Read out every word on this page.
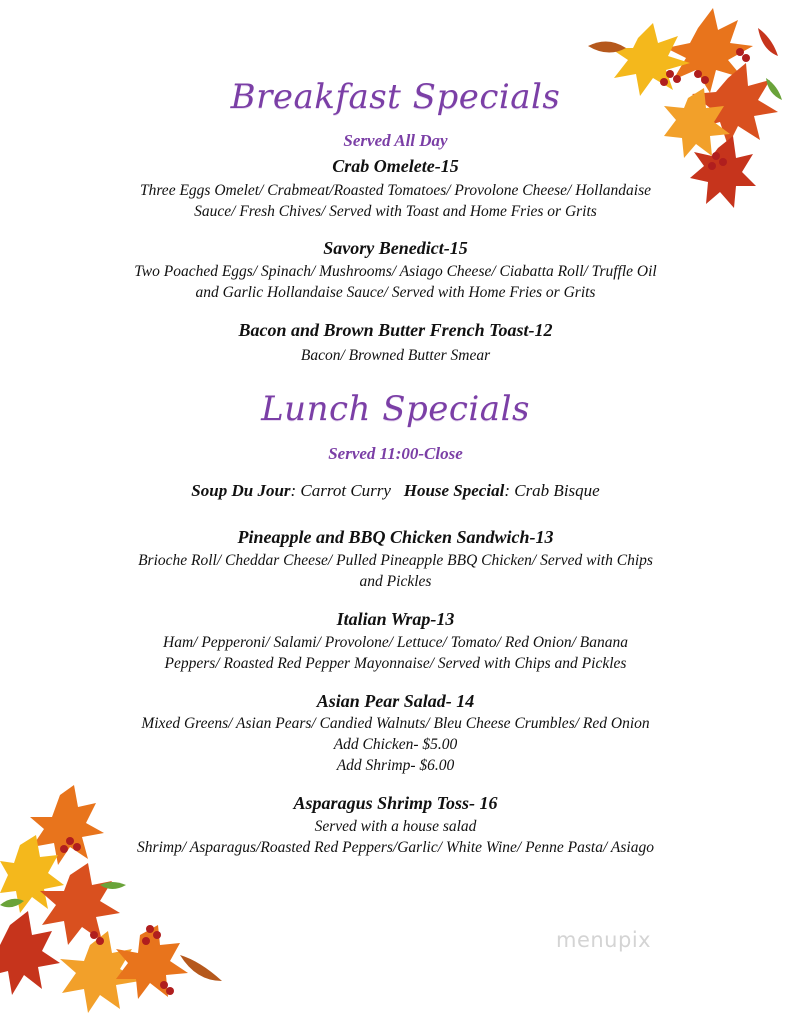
Breakfast Specials
Served All Day
Crab Omelete-15
Three Eggs Omelet/ Crabmeat/Roasted Tomatoes/ Provolone Cheese/ Hollandaise
Sauce/ Fresh Chives/ Served with Toast and Home Fries or Grits
Savory Benedict-15
Two Poached Eggs/ Spinach/ Mushrooms/ Asiago Cheese/ Ciabatta Roll/ Truffle Oil
and Garlic Hollandaise Sauce/ Served with Home Fries or Grits
Bacon and Brown Butter French Toast-12
Bacon/ Browned Butter Smear
Lunch Specials
Served 11:00-Close
Soup Du Jour: Carrot Curry House Special: Crab Bisque
Pineapple and BBQ Chicken Sandwich-13
Brioche Roll/ Cheddar Cheese/ Pulled Pineapple BBQ Chicken/ Served with Chips
and Pickles
Italian Wrap-13
Ham/ Pepperoni/ Salami/ Provolone/ Lettuce/ Tomato/ Red Onion/ Banana
Peppers/ Roasted Red Pepper Mayonnaise/ Served with Chips and Pickles
Asian Pear Salad- 14
Mixed Greens/ Asian Pears/ Candied Walnuts/ Bleu Cheese Crumbles/ Red Onion
Add Chicken- $5.00
Add Shrimp- $6.00
Asparagus Shrimp Toss- 16
Served with a house salad
Shrimp/ Asparagus/Roasted Red Peppers/Garlic/ White Wine/ Penne Pasta/ Asiago
menupix
